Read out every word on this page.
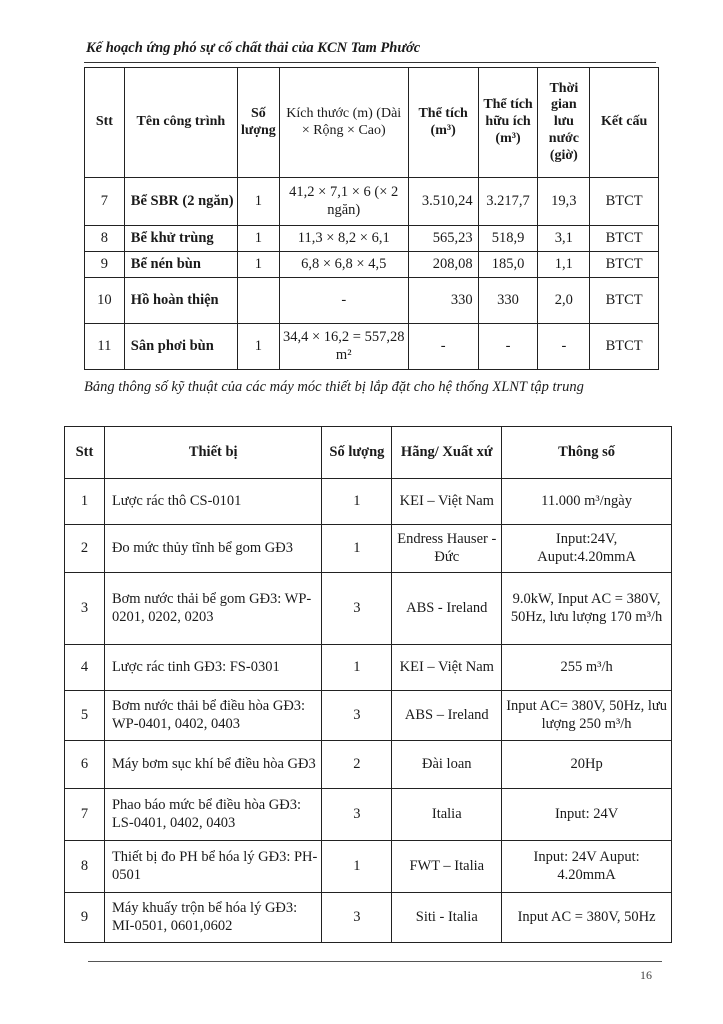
Kế hoạch ứng phó sự cố chất thải của KCN Tam Phước
Stt	Tên công trình	Số lượng	Kích thước (m) (Dài × Rộng × Cao)	Thể tích (m³)	Thể tích hữu ích (m³)	Thời gian lưu nước (giờ)	Kết cấu
7	Bể SBR (2 ngăn)	1	41,2 × 7,1 × 6 (× 2 ngăn)	3.510,24	3.217,7	19,3	BTCT
8	Bể khử trùng	1	11,3 × 8,2 × 6,1	565,23	518,9	3,1	BTCT
9	Bể nén bùn	1	6,8 × 6,8 × 4,5	208,08	185,0	1,1	BTCT
10	Hồ hoàn thiện		-	330	330	2,0	BTCT
11	Sân phơi bùn	1	34,4 × 16,2 = 557,28 m²	-	-	-	BTCT
Bảng thông số kỹ thuật của các máy móc thiết bị lắp đặt cho hệ thống XLNT tập trung
Stt	Thiết bị	Số lượng	Hãng/ Xuất xứ	Thông số
1	Lược rác thô CS-0101	1	KEI – Việt Nam	11.000 m³/ngày
2	Đo mức thủy tĩnh bể gom GĐ3	1	Endress Hauser - Đức	Input:24V, Auput:4.20mmA
3	Bơm nước thải bể gom GĐ3: WP-0201, 0202, 0203	3	ABS - Ireland	9.0kW, Input AC = 380V, 50Hz, lưu lượng 170 m³/h
4	Lược rác tinh GĐ3: FS-0301	1	KEI – Việt Nam	255 m³/h
5	Bơm nước thải bể điều hòa GĐ3: WP-0401, 0402, 0403	3	ABS – Ireland	Input AC= 380V, 50Hz, lưu lượng 250 m³/h
6	Máy bơm sục khí bể điều hòa GĐ3	2	Đài loan	20Hp
7	Phao báo mức bể điều hòa GĐ3: LS-0401, 0402, 0403	3	Italia	Input: 24V
8	Thiết bị đo PH bể hóa lý GĐ3: PH-0501	1	FWT – Italia	Input: 24V Auput: 4.20mmA
9	Máy khuấy trộn bể hóa lý GĐ3: MI-0501, 0601,0602	3	Siti - Italia	Input AC = 380V, 50Hz
16
